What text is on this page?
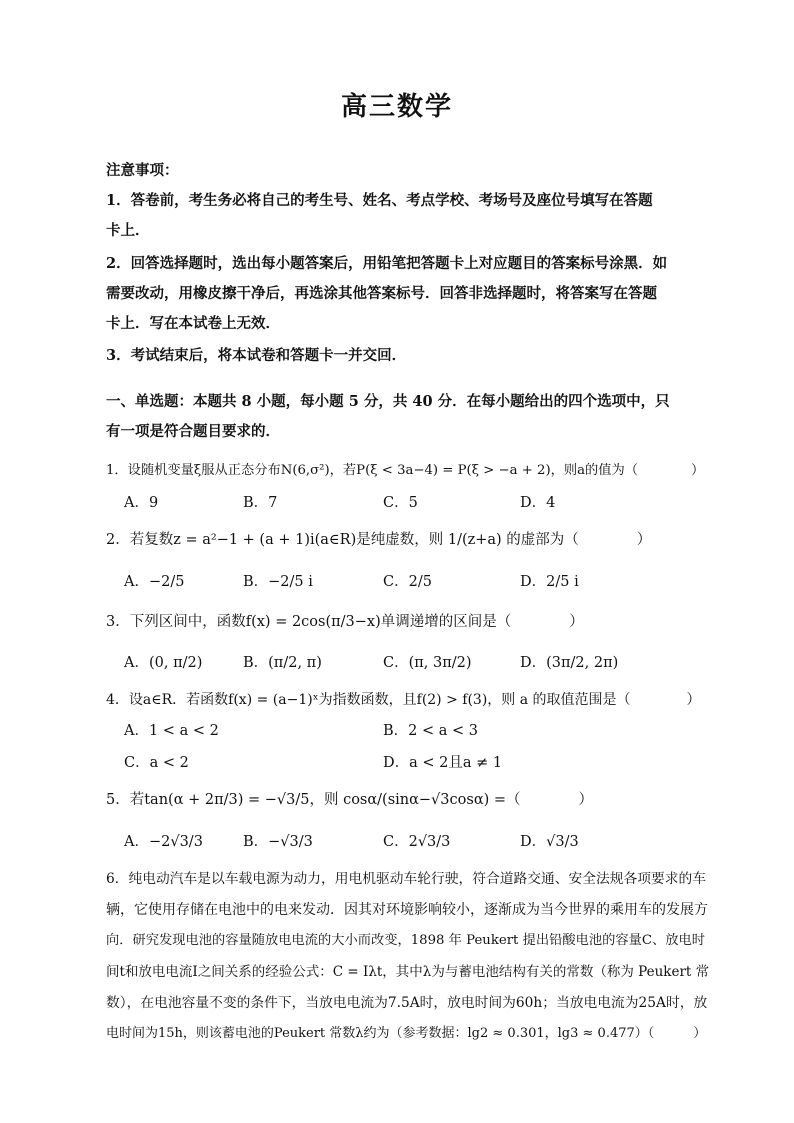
高三数学
注意事项：
1．答卷前，考生务必将自己的考生号、姓名、考点学校、考场号及座位号填写在答题
卡上．
2．回答选择题时，选出每小题答案后，用铅笔把答题卡上对应题目的答案标号涂黑．如
需要改动，用橡皮擦干净后，再选涂其他答案标号．回答非选择题时，将答案写在答题
卡上．写在本试卷上无效．
3．考试结束后，将本试卷和答题卡一并交回．
一、单选题：本题共 8 小题，每小题 5 分，共 40 分．在每小题给出的四个选项中，只
有一项是符合题目要求的．
1．设随机变量ξ服从正态分布N(6,σ²)，若P(ξ < 3a−4) = P(ξ > −a + 2)，则a的值为（　　　　）
A．9	B．7	C．5	D．4
2．若复数z = a²−1 + (a + 1)i(a∈R)是纯虚数，则 1/(z+a) 的虚部为（　　　　）
A．−2/5	B．−2/5 i	C．2/5	D．2/5 i
3．下列区间中，函数f(x) = 2cos(π/3−x)单调递增的区间是（　　　　）
A．(0, π/2)	B．(π/2, π)	C．(π, 3π/2)	D．(3π/2, 2π)
4．设a∈R．若函数f(x) = (a−1)ˣ为指数函数，且f(2) > f(3)，则 a 的取值范围是（　　　　）
A．1 < a < 2	B．2 < a < 3
C．a < 2	D．a < 2且a ≠ 1
5．若tan(α + 2π/3) = −√3/5，则 cosα/(sinα−√3cosα) =（　　　　）
A．−2√3/3	B．−√3/3	C．2√3/3	D．√3/3
6．纯电动汽车是以车载电源为动力，用电机驱动车轮行驶，符合道路交通、安全法规各项要求的车
辆，它使用存储在电池中的电来发动．因其对环境影响较小，逐渐成为当今世界的乘用车的发展方
向．研究发现电池的容量随放电电流的大小而改变，1898 年 Peukert 提出铅酸电池的容量C、放电时
间t和放电电流I之间关系的经验公式：C = Iλt，其中λ为与蓄电池结构有关的常数（称为 Peukert 常
数），在电池容量不变的条件下，当放电电流为7.5A时，放电时间为60h；当放电电流为25A时，放
电时间为15h，则该蓄电池的Peukert 常数λ约为（参考数据：lg2 ≈ 0.301，lg3 ≈ 0.477）（　　　）
